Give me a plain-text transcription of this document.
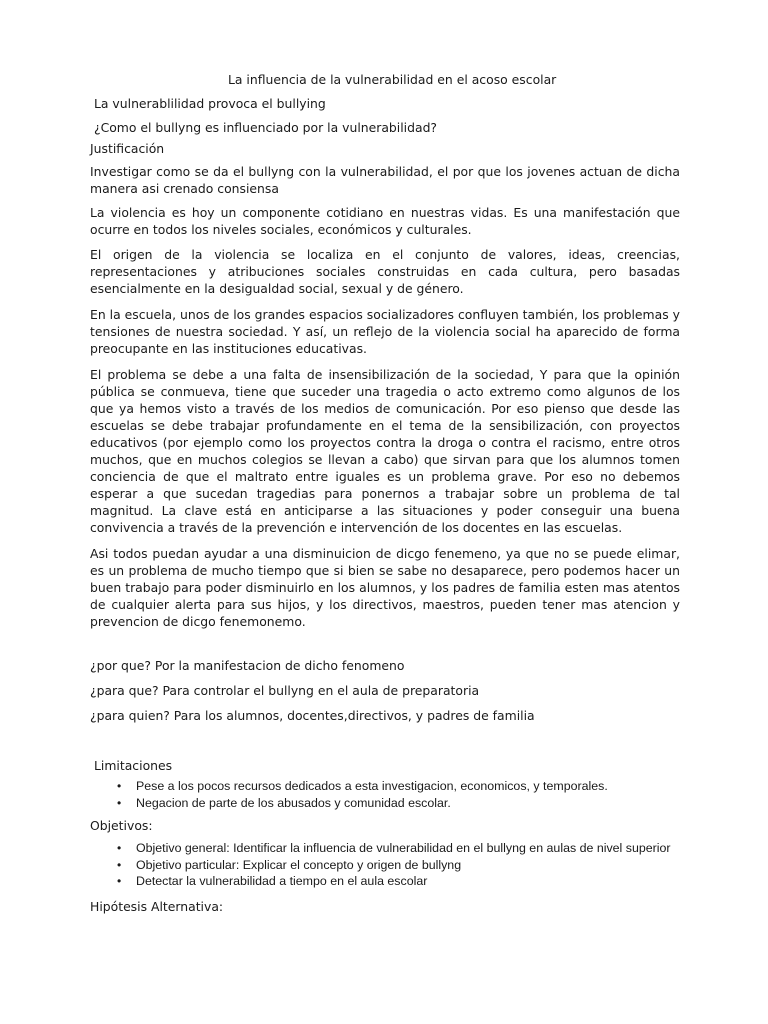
La influencia de la vulnerabilidad en el acoso escolar

La vulnerablilidad provoca el bullying

¿Como el bullyng es influenciado por la vulnerabilidad?

Justificación

Investigar como se da el bullyng con la vulnerabilidad, el por que los jovenes actuan de dicha manera asi crenado consiensa

La violencia es hoy un componente cotidiano en nuestras vidas. Es una manifestación que ocurre en todos los niveles sociales, económicos y culturales.

El origen de la violencia se localiza en el conjunto de valores, ideas, creencias, representaciones y atribuciones sociales construidas en cada cultura, pero basadas esencialmente en la desigualdad social, sexual y de género.

En la escuela, unos de los grandes espacios socializadores confluyen también, los problemas y tensiones de nuestra sociedad. Y así, un reflejo de la violencia social ha aparecido de forma preocupante en las instituciones educativas.

El problema se debe a una falta de insensibilización de la sociedad, Y para que la opinión pública se conmueva, tiene que suceder una tragedia o acto extremo como algunos de los que ya hemos visto a través de los medios de comunicación. Por eso pienso que desde las escuelas se debe trabajar profundamente en el tema de la sensibilización, con proyectos educativos (por ejemplo como los proyectos contra la droga o contra el racismo, entre otros muchos, que en muchos colegios se llevan a cabo) que sirvan para que los alumnos tomen conciencia de que el maltrato entre iguales es un problema grave. Por eso no debemos esperar a que sucedan tragedias para ponernos a trabajar sobre un problema de tal magnitud. La clave está en anticiparse a las situaciones y poder conseguir una buena convivencia a través de la prevención e intervención de los docentes en las escuelas.

Asi todos puedan ayudar a una disminuicion de dicgo fenemeno, ya que no se puede elimar, es un problema de mucho tiempo que si bien se sabe no desaparece, pero podemos hacer un buen trabajo para poder disminuirlo en los alumnos, y los padres de familia esten mas atentos de cualquier alerta para sus hijos, y los directivos, maestros, pueden tener mas atencion y prevencion de dicgo fenemonemo.

¿por que? Por la manifestacion de dicho fenomeno

¿para que? Para controlar el bullyng en el aula de preparatoria

¿para quien? Para los alumnos, docentes,directivos, y padres de familia

Limitaciones

• Pese a los pocos recursos dedicados a esta investigacion, economicos, y temporales.
• Negacion de parte de los abusados y comunidad escolar.

Objetivos:

• Objetivo general: Identificar la influencia de vulnerabilidad en el bullyng en aulas de nivel superior
• Objetivo particular: Explicar el concepto y origen de bullyng
• Detectar la vulnerabilidad a tiempo en el aula escolar

Hipótesis Alternativa:
